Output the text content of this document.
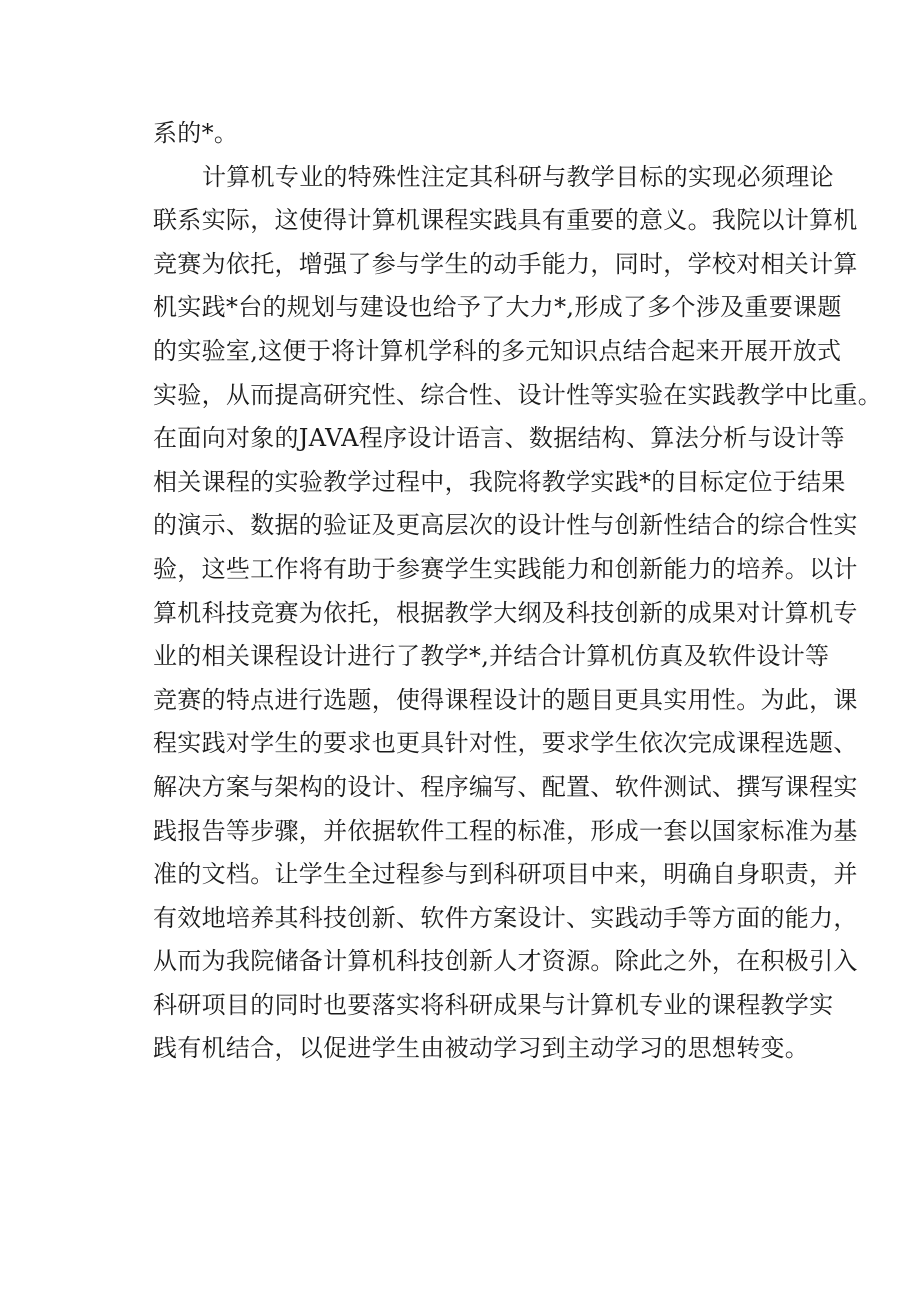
系的*。
计算机专业的特殊性注定其科研与教学目标的实现必须理论
联系实际，这使得计算机课程实践具有重要的意义。我院以计算机
竞赛为依托，增强了参与学生的动手能力，同时，学校对相关计算
机实践*台的规划与建设也给予了大力*,形成了多个涉及重要课题
的实验室,这便于将计算机学科的多元知识点结合起来开展开放式
实验，从而提高研究性、综合性、设计性等实验在实践教学中比重。
在面向对象的JAVA程序设计语言、数据结构、算法分析与设计等
相关课程的实验教学过程中，我院将教学实践*的目标定位于结果
的演示、数据的验证及更高层次的设计性与创新性结合的综合性实
验，这些工作将有助于参赛学生实践能力和创新能力的培养。以计
算机科技竞赛为依托，根据教学大纲及科技创新的成果对计算机专
业的相关课程设计进行了教学*,并结合计算机仿真及软件设计等
竞赛的特点进行选题，使得课程设计的题目更具实用性。为此，课
程实践对学生的要求也更具针对性，要求学生依次完成课程选题、
解决方案与架构的设计、程序编写、配置、软件测试、撰写课程实
践报告等步骤，并依据软件工程的标准，形成一套以国家标准为基
准的文档。让学生全过程参与到科研项目中来，明确自身职责，并
有效地培养其科技创新、软件方案设计、实践动手等方面的能力，
从而为我院储备计算机科技创新人才资源。除此之外，在积极引入
科研项目的同时也要落实将科研成果与计算机专业的课程教学实
践有机结合，以促进学生由被动学习到主动学习的思想转变。
